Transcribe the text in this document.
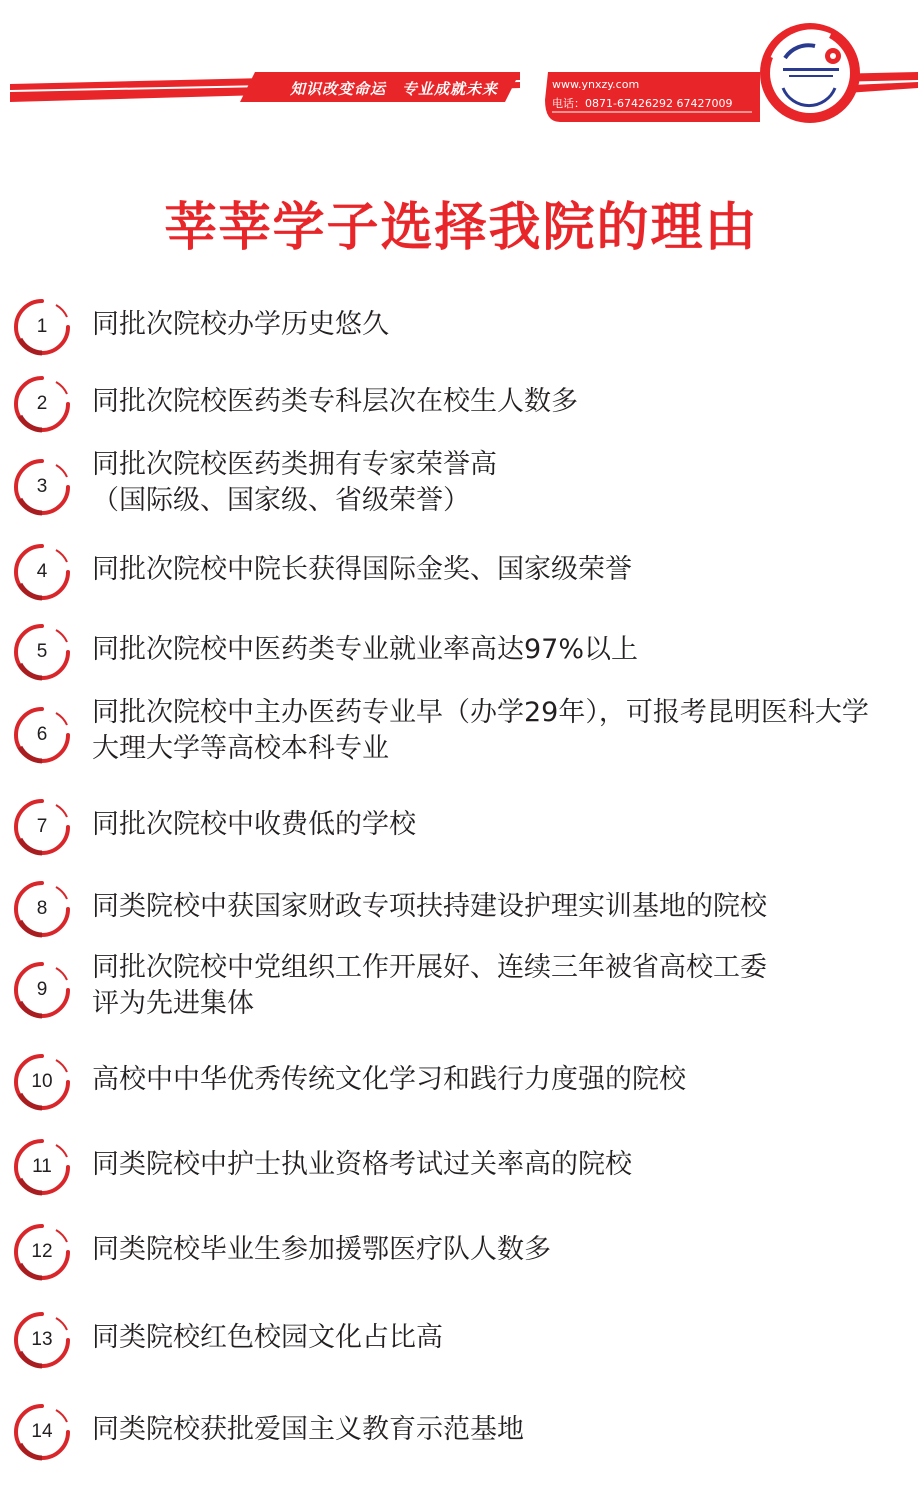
知识改变命运　专业成就未来	www.ynxzy.com
电话：0871-67426292 67427009
莘莘学子选择我院的理由
1	同批次院校办学历史悠久
2	同批次院校医药类专科层次在校生人数多
3
同批次院校医药类拥有专家荣誉高
（国际级、国家级、省级荣誉）
4	同批次院校中院长获得国际金奖、国家级荣誉
5	同批次院校中医药类专业就业率高达97%以上
6
同批次院校中主办医药专业早（办学29年），可报考昆明医科大学
大理大学等高校本科专业
7	同批次院校中收费低的学校
8	同类院校中获国家财政专项扶持建设护理实训基地的院校
9
同批次院校中党组织工作开展好、连续三年被省高校工委
评为先进集体
10	高校中中华优秀传统文化学习和践行力度强的院校
11	同类院校中护士执业资格考试过关率高的院校
12	同类院校毕业生参加援鄂医疗队人数多
13	同类院校红色校园文化占比高
14	同类院校获批爱国主义教育示范基地
